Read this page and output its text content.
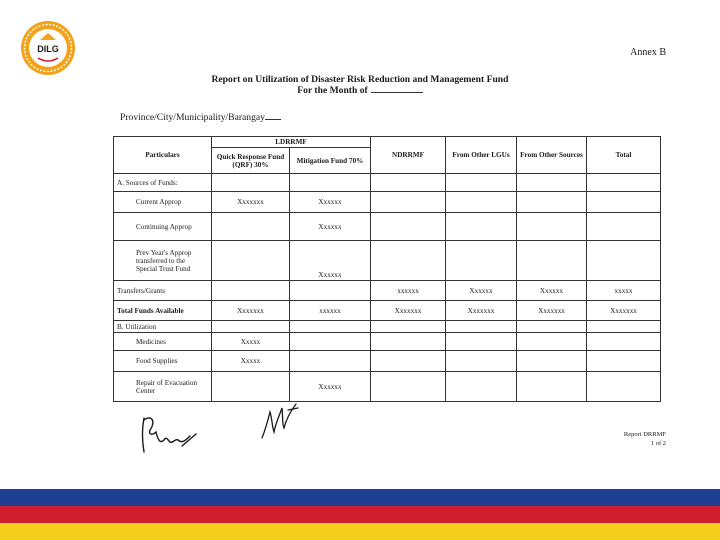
DILG	Annex B
Report on Utilization of Disaster Risk Reduction and Management Fund
For the Month of
Province/City/Municipality/Barangay
Particulars	LDRRMF		NDRRMF	From Other LGUs	From Other Sources	Total
	Quick Response Fund (QRF) 30%	Mitigation Fund 70%				
A. Sources of Funds:						
Current Approp	Xxxxxxx	Xxxxxx				
Continuing Approp		Xxxxxx				
Prev Year's Approp transferred to the Special Trust Fund		Xxxxxx				
Transfers/Grants			xxxxxx	Xxxxxx	Xxxxxx	xxxxx
Total Funds Available	Xxxxxxx	xxxxxx	Xxxxxxx	Xxxxxxx	Xxxxxxx	Xxxxxxx
B. Utilization						
Medicines	Xxxxx					
Food Supplies	Xxxxx					
Repair of Evacuation Center		Xxxxxx				
Report DRRMF
1 of 2
